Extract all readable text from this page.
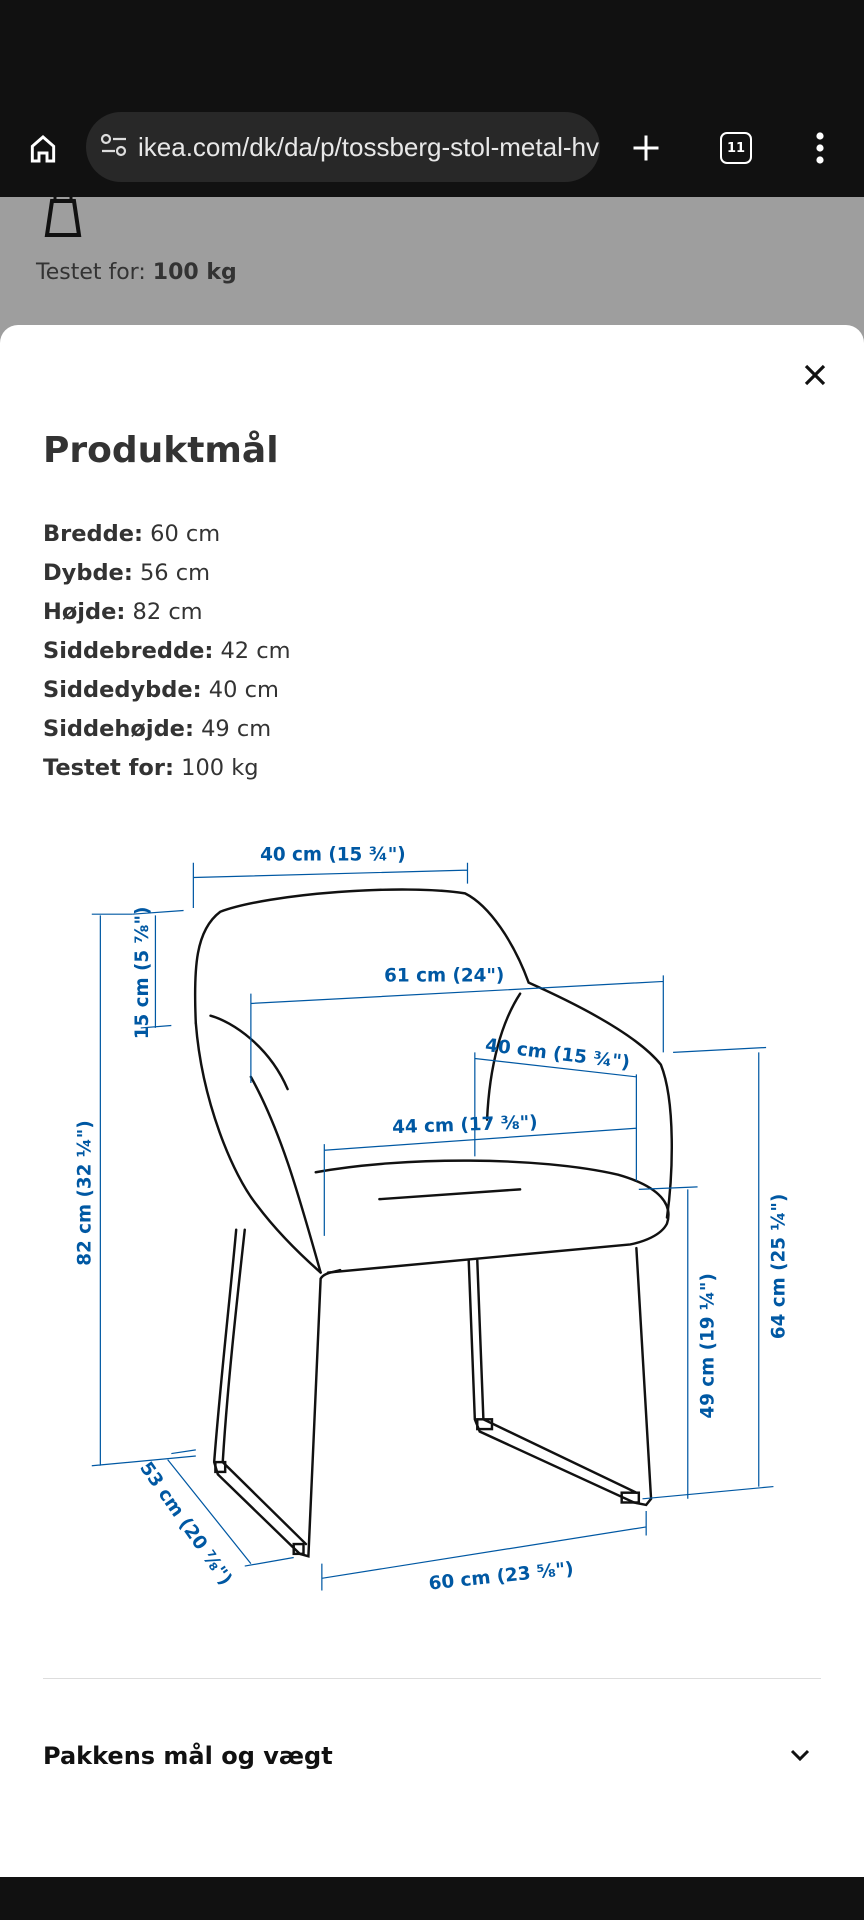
11
ikea.com/dk/da/p/tossberg-stol-metal-hv
Testet for: 100 kg
Produktmål
Bredde: 60 cm
Dybde: 56 cm
Højde: 82 cm
Siddebredde: 42 cm
Siddedybde: 40 cm
Siddehøjde: 49 cm
Testet for: 100 kg
40 cm (15 ¾")
15 cm (5 ⅞")
82 cm (32 ¼")
61 cm (24")
40 cm (15 ¾")
44 cm (17 ⅜")
64 cm (25 ¼")
49 cm (19 ¼")
53 cm (20 ⅞")	60 cm (23 ⅝")
Pakkens mål og vægt
